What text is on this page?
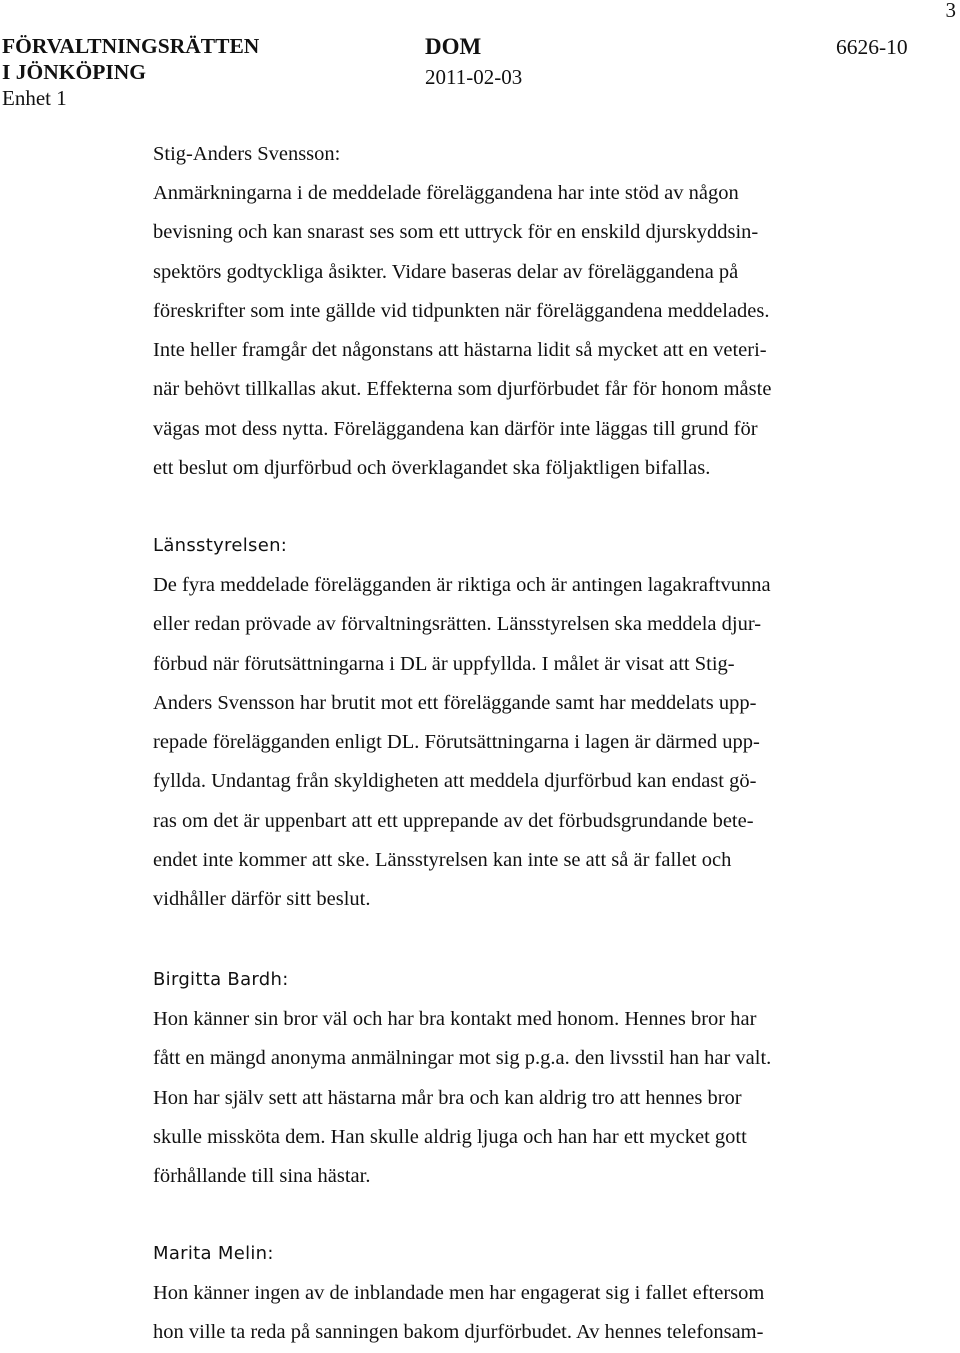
3
FÖRVALTNINGSRÄTTEN
I JÖNKÖPING
Enhet 1
DOM
2011-02-03
6626-10
Stig-Anders Svensson:
Anmärkningarna i de meddelade föreläggandena har inte stöd av någon
bevisning och kan snarast ses som ett uttryck för en enskild djurskyddsin-
spektörs godtyckliga åsikter. Vidare baseras delar av föreläggandena på
föreskrifter som inte gällde vid tidpunkten när föreläggandena meddelades.
Inte heller framgår det någonstans att hästarna lidit så mycket att en veteri-
när behövt tillkallas akut. Effekterna som djurförbudet får för honom måste
vägas mot dess nytta. Föreläggandena kan därför inte läggas till grund för
ett beslut om djurförbud och överklagandet ska följaktligen bifallas.
Länsstyrelsen:
De fyra meddelade förelägganden är riktiga och är antingen lagakraftvunna
eller redan prövade av förvaltningsrätten. Länsstyrelsen ska meddela djur-
förbud när förutsättningarna i DL är uppfyllda. I målet är visat att Stig-
Anders Svensson har brutit mot ett föreläggande samt har meddelats upp-
repade förelägganden enligt DL. Förutsättningarna i lagen är därmed upp-
fyllda. Undantag från skyldigheten att meddela djurförbud kan endast gö-
ras om det är uppenbart att ett upprepande av det förbudsgrundande bete-
endet inte kommer att ske. Länsstyrelsen kan inte se att så är fallet och
vidhåller därför sitt beslut.
Birgitta Bardh:
Hon känner sin bror väl och har bra kontakt med honom. Hennes bror har
fått en mängd anonyma anmälningar mot sig p.g.a. den livsstil han har valt.
Hon har själv sett att hästarna mår bra och kan aldrig tro att hennes bror
skulle missköta dem. Han skulle aldrig ljuga och han har ett mycket gott
förhållande till sina hästar.
Marita Melin:
Hon känner ingen av de inblandade men har engagerat sig i fallet eftersom
hon ville ta reda på sanningen bakom djurförbudet. Av hennes telefonsam-
